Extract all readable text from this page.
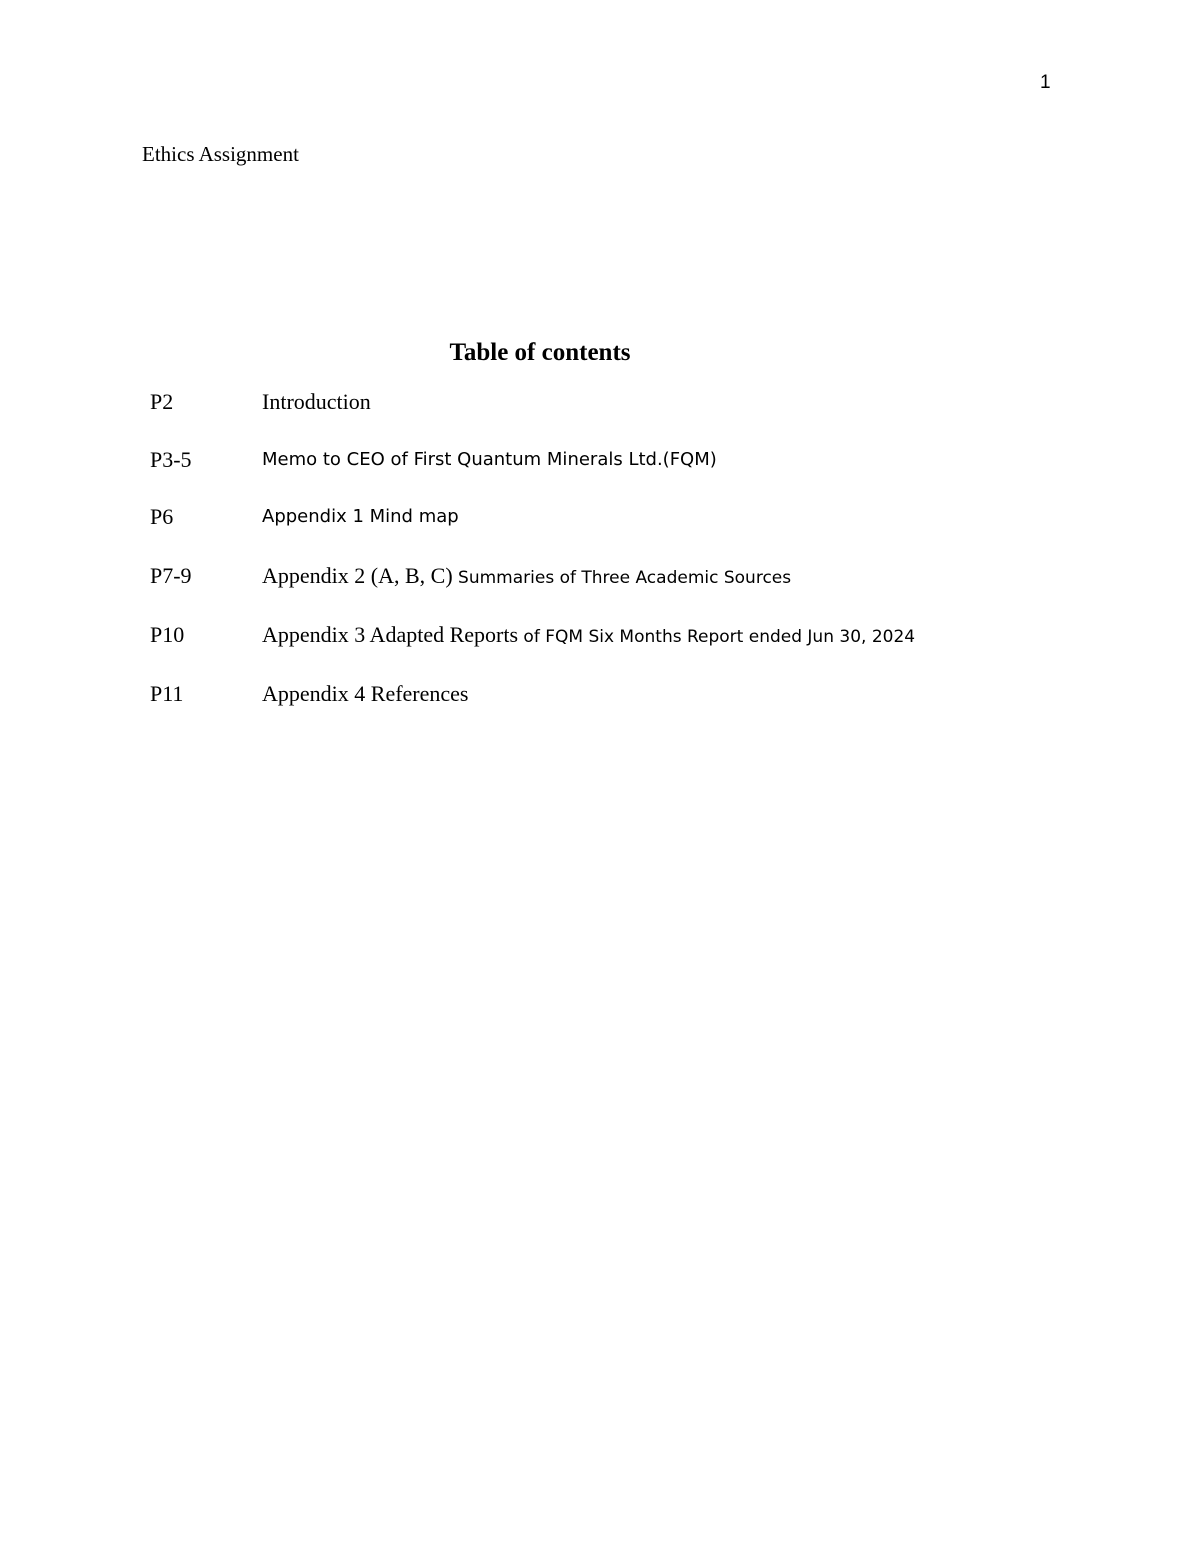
1
Ethics Assignment
Table of contents
P2	Introduction
P3-5	Memo to CEO of First Quantum Minerals Ltd.(FQM)
P6	Appendix 1 Mind map
P7-9	Appendix 2 (A, B, C) Summaries of Three Academic Sources
P10	Appendix 3 Adapted Reports of FQM Six Months Report ended Jun 30, 2024
P11	Appendix 4 References
